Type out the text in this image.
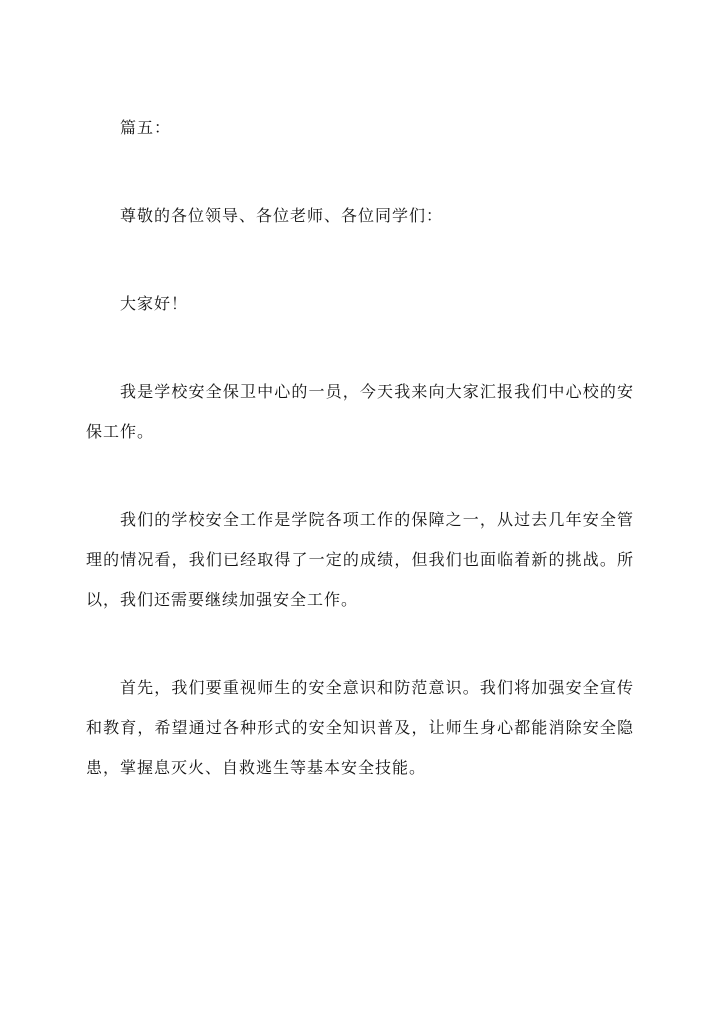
篇五：

尊敬的各位领导、各位老师、各位同学们：

大家好！

我是学校安全保卫中心的一员，今天我来向大家汇报我们中心校的安保工作。

我们的学校安全工作是学院各项工作的保障之一，从过去几年安全管理的情况看，我们已经取得了一定的成绩，但我们也面临着新的挑战。所以，我们还需要继续加强安全工作。

首先，我们要重视师生的安全意识和防范意识。我们将加强安全宣传和教育，希望通过各种形式的安全知识普及，让师生身心都能消除安全隐患，掌握息灭火、自救逃生等基本安全技能。
